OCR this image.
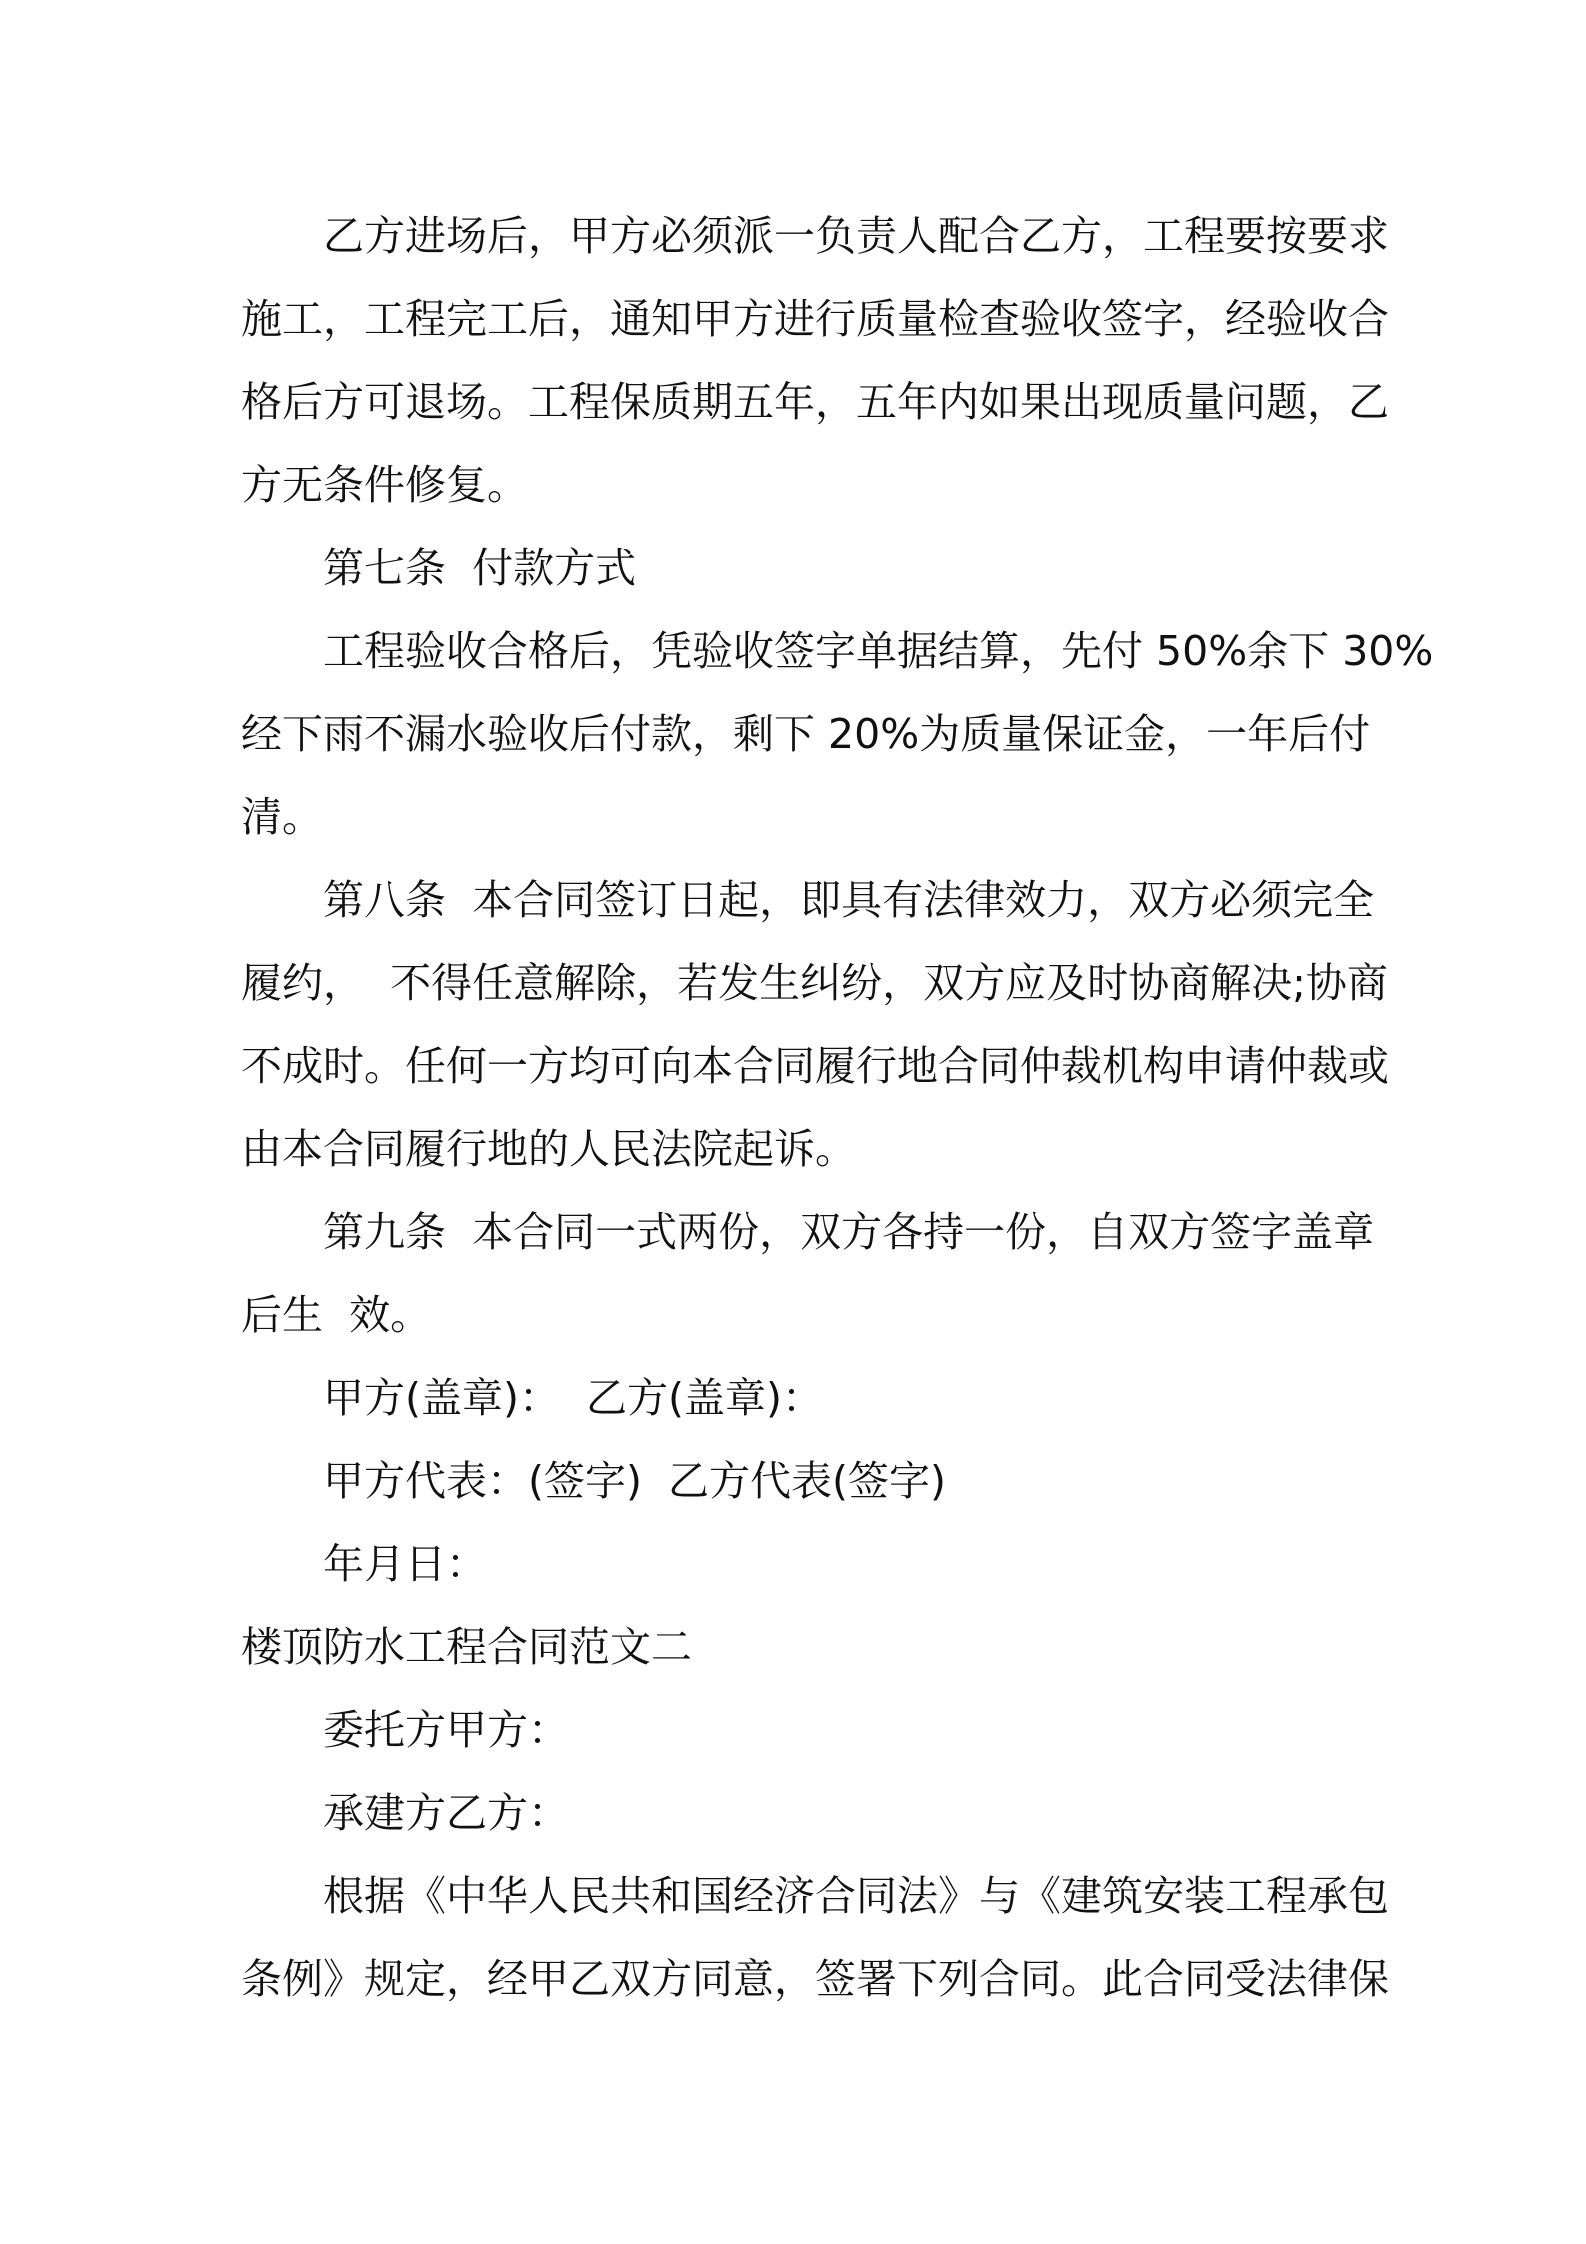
乙方进场后，甲方必须派一负责人配合乙方，工程要按要求
施工，工程完工后，通知甲方进行质量检查验收签字，经验收合
格后方可退场。工程保质期五年，五年内如果出现质量问题，乙
方无条件修复。

第七条  付款方式

工程验收合格后，凭验收签字单据结算，先付 50%余下 30%
经下雨不漏水验收后付款，剩下 20%为质量保证金，一年后付
清。

第八条  本合同签订日起，即具有法律效力，双方必须完全
履约，  不得任意解除，若发生纠纷，双方应及时协商解决;协商
不成时。任何一方均可向本合同履行地合同仲裁机构申请仲裁或
由本合同履行地的人民法院起诉。

第九条  本合同一式两份，双方各持一份，自双方签字盖章
后生  效。

甲方(盖章)：  乙方(盖章)：

甲方代表：(签字)  乙方代表(签字)

年月日：

楼顶防水工程合同范文二

委托方甲方：

承建方乙方：

根据《中华人民共和国经济合同法》与《建筑安装工程承包
条例》规定，经甲乙双方同意，签署下列合同。此合同受法律保
